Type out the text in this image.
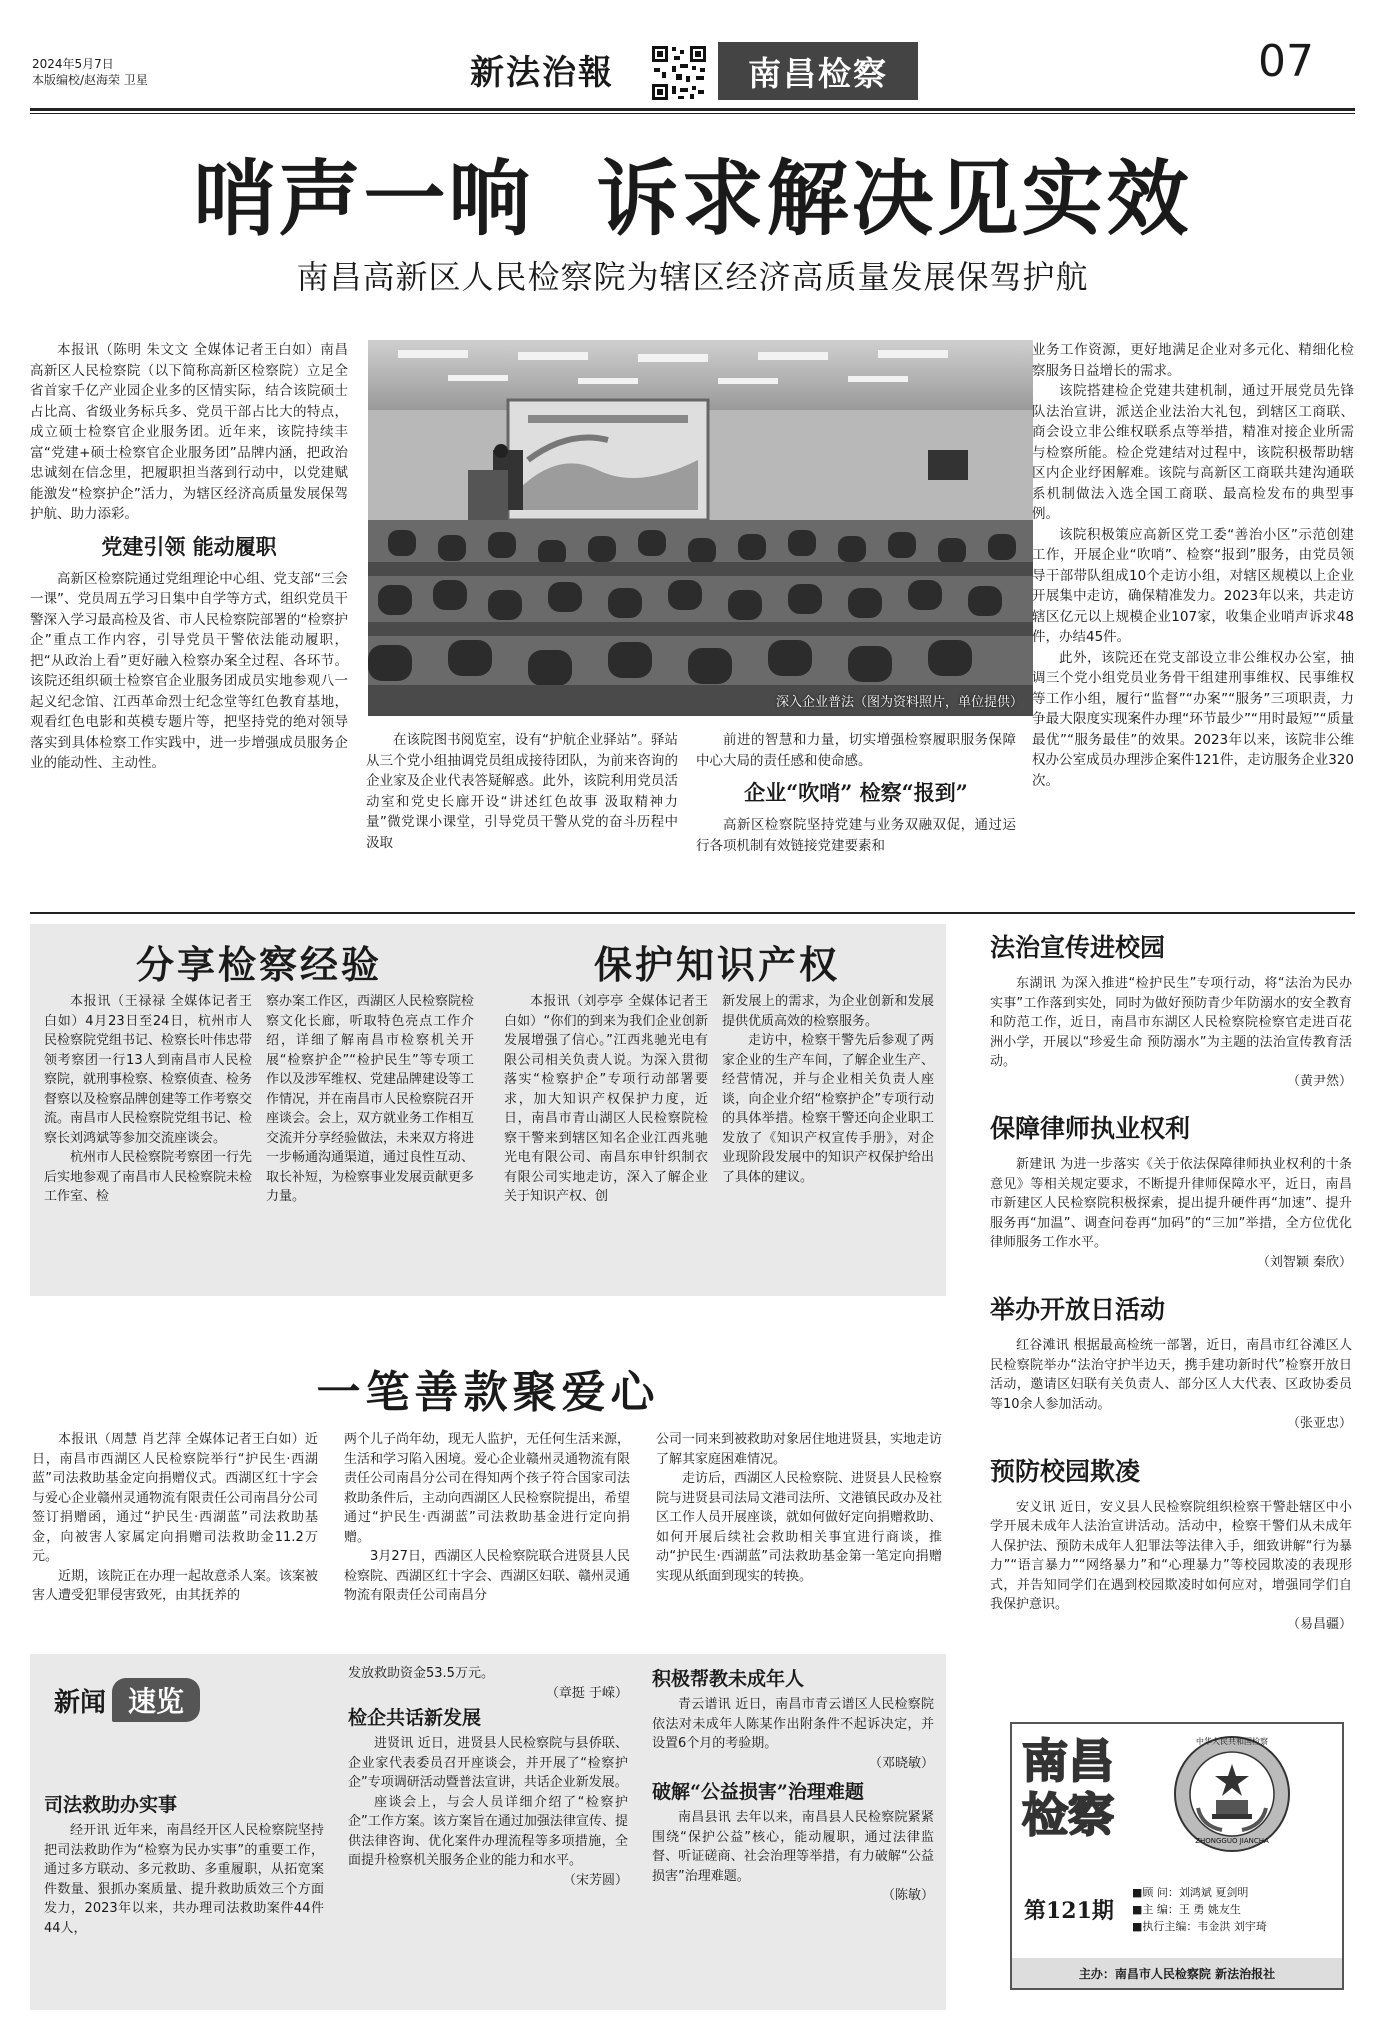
2024年5月7日
本版编校/赵海荣 卫星	新法治報	南昌检察	07
哨声一响  诉求解决见实效
南昌高新区人民检察院为辖区经济高质量发展保驾护航

本报讯（陈明 朱文文 全媒体记者王白如）南昌高新区人民检察院（以下简称高新区检察院）立足全省首家千亿产业园企业多的区情实际，结合该院硕士占比高、省级业务标兵多、党员干部占比大的特点，成立硕士检察官企业服务团。近年来，该院持续丰富“党建+硕士检察官企业服务团”品牌内涵，把政治忠诚刻在信念里，把履职担当落到行动中，以党建赋能激发“检察护企”活力，为辖区经济高质量发展保驾护航、助力添彩。

党建引领 能动履职

高新区检察院通过党组理论中心组、党支部“三会一课”、党员周五学习日集中自学等方式，组织党员干警深入学习最高检及省、市人民检察院部署的“检察护企”重点工作内容，引导党员干警依法能动履职，把“从政治上看”更好融入检察办案全过程、各环节。该院还组织硕士检察官企业服务团成员实地参观八一起义纪念馆、江西革命烈士纪念堂等红色教育基地，观看红色电影和英模专题片等，把坚持党的绝对领导落实到具体检察工作实践中，进一步增强成员服务企业的能动性、主动性。

深入企业普法（图为资料照片，单位提供）

在该院图书阅览室，设有“护航企业驿站”。驿站从三个党小组抽调党员组成接待团队，为前来咨询的企业家及企业代表答疑解惑。此外，该院利用党员活动室和党史长廊开设“讲述红色故事 汲取精神力量”微党课小课堂，引导党员干警从党的奋斗历程中汲取

前进的智慧和力量，切实增强检察履职服务保障中心大局的责任感和使命感。

企业“吹哨” 检察“报到”

高新区检察院坚持党建与业务双融双促，通过运行各项机制有效链接党建要素和

业务工作资源，更好地满足企业对多元化、精细化检察服务日益增长的需求。

该院搭建检企党建共建机制，通过开展党员先锋队法治宣讲，派送企业法治大礼包，到辖区工商联、商会设立非公维权联系点等举措，精准对接企业所需与检察所能。检企党建结对过程中，该院积极帮助辖区内企业纾困解难。该院与高新区工商联共建沟通联系机制做法入选全国工商联、最高检发布的典型事例。

该院积极策应高新区党工委“善治小区”示范创建工作，开展企业“吹哨”、检察“报到”服务，由党员领导干部带队组成10个走访小组，对辖区规模以上企业开展集中走访，确保精准发力。2023年以来，共走访辖区亿元以上规模企业107家，收集企业哨声诉求48件，办结45件。

此外，该院还在党支部设立非公维权办公室，抽调三个党小组党员业务骨干组建刑事维权、民事维权等工作小组，履行“监督”“办案”“服务”三项职责，力争最大限度实现案件办理“环节最少”“用时最短”“质量最优”“服务最佳”的效果。2023年以来，该院非公维权办公室成员办理涉企案件121件，走访服务企业320次。

分享检察经验

本报讯（王禄禄 全媒体记者王白如）4月23日至24日，杭州市人民检察院党组书记、检察长叶伟忠带领考察团一行13人到南昌市人民检察院，就刑事检察、检察侦查、检务督察以及检察品牌创建等工作考察交流。南昌市人民检察院党组书记、检察长刘鸿斌等参加交流座谈会。

杭州市人民检察院考察团一行先后实地参观了南昌市人民检察院未检工作室、检

察办案工作区，西湖区人民检察院检察文化长廊，听取特色亮点工作介绍，详细了解南昌市检察机关开展“检察护企”“检护民生”等专项工作以及涉军维权、党建品牌建设等工作情况，并在南昌市人民检察院召开座谈会。会上，双方就业务工作相互交流并分享经验做法，未来双方将进一步畅通沟通渠道，通过良性互动、取长补短，为检察事业发展贡献更多力量。

保护知识产权

本报讯（刘亭亭 全媒体记者王白如）“你们的到来为我们企业创新发展增强了信心。”江西兆驰光电有限公司相关负责人说。为深入贯彻落实“检察护企”专项行动部署要求，加大知识产权保护力度，近日，南昌市青山湖区人民检察院检察干警来到辖区知名企业江西兆驰光电有限公司、南昌东申针织制衣有限公司实地走访，深入了解企业关于知识产权、创

新发展上的需求，为企业创新和发展提供优质高效的检察服务。

走访中，检察干警先后参观了两家企业的生产车间，了解企业生产、经营情况，并与企业相关负责人座谈，向企业介绍“检察护企”专项行动的具体举措。检察干警还向企业职工发放了《知识产权宣传手册》，对企业现阶段发展中的知识产权保护给出了具体的建议。

一笔善款聚爱心

本报讯（周慧 肖艺萍 全媒体记者王白如）近日，南昌市西湖区人民检察院举行“护民生·西湖蓝”司法救助基金定向捐赠仪式。西湖区红十字会与爱心企业赣州灵通物流有限责任公司南昌分公司签订捐赠函，通过“护民生·西湖蓝”司法救助基金，向被害人家属定向捐赠司法救助金11.2万元。

近期，该院正在办理一起故意杀人案。该案被害人遭受犯罪侵害致死，由其抚养的

两个儿子尚年幼，现无人监护，无任何生活来源，生活和学习陷入困境。爱心企业赣州灵通物流有限责任公司南昌分公司在得知两个孩子符合国家司法救助条件后，主动向西湖区人民检察院提出，希望通过“护民生·西湖蓝”司法救助基金进行定向捐赠。

3月27日，西湖区人民检察院联合进贤县人民检察院、西湖区红十字会、西湖区妇联、赣州灵通物流有限责任公司南昌分

公司一同来到被救助对象居住地进贤县，实地走访了解其家庭困难情况。

走访后，西湖区人民检察院、进贤县人民检察院与进贤县司法局文港司法所、文港镇民政办及社区工作人员开展座谈，就如何做好定向捐赠救助、如何开展后续社会救助相关事宜进行商谈，推动“护民生·西湖蓝”司法救助基金第一笔定向捐赠实现从纸面到现实的转换。

新闻 速览
司法救助办实事

经开讯 近年来，南昌经开区人民检察院坚持把司法救助作为“检察为民办实事”的重要工作，通过多方联动、多元救助、多重履职，从拓宽案件数量、狠抓办案质量、提升救助质效三个方面发力，2023年以来，共办理司法救助案件44件44人，

发放救助资金53.5万元。

（章挺 于嵘）
检企共话新发展

进贤讯 近日，进贤县人民检察院与县侨联、企业家代表委员召开座谈会，并开展了“检察护企”专项调研活动暨普法宣讲，共话企业新发展。

座谈会上，与会人员详细介绍了“检察护企”工作方案。该方案旨在通过加强法律宣传、提供法律咨询、优化案件办理流程等多项措施，全面提升检察机关服务企业的能力和水平。

（宋芳圆）
积极帮教未成年人

青云谱讯 近日，南昌市青云谱区人民检察院依法对未成年人陈某作出附条件不起诉决定，并设置6个月的考验期。

（邓晓敏）
破解“公益损害”治理难题

南昌县讯 去年以来，南昌县人民检察院紧紧围绕“保护公益”核心，能动履职，通过法律监督、听证磋商、社会治理等举措，有力破解“公益损害”治理难题。

（陈敏）
法治宣传进校园

东湖讯 为深入推进“检护民生”专项行动，将“法治为民办实事”工作落到实处，同时为做好预防青少年防溺水的安全教育和防范工作，近日，南昌市东湖区人民检察院检察官走进百花洲小学，开展以“珍爱生命 预防溺水”为主题的法治宣传教育活动。

（黄尹然）
保障律师执业权利

新建讯 为进一步落实《关于依法保障律师执业权利的十条意见》等相关规定要求，不断提升律师保障水平，近日，南昌市新建区人民检察院积极探索，提出提升硬件再“加速”、提升服务再“加温”、调查问卷再“加码”的“三加”举措，全方位优化律师服务工作水平。

（刘智颖 秦欣）
举办开放日活动

红谷滩讯 根据最高检统一部署，近日，南昌市红谷滩区人民检察院举办“法治守护半边天，携手建功新时代”检察开放日活动，邀请区妇联有关负责人、部分区人大代表、区政协委员等10余人参加活动。

（张亚忠）
预防校园欺凌

安义讯 近日，安义县人民检察院组织检察干警赴辖区中小学开展未成年人法治宣讲活动。活动中，检察干警们从未成年人保护法、预防未成年人犯罪法等法律入手，细致讲解“行为暴力”“语言暴力”“网络暴力”和“心理暴力”等校园欺凌的表现形式，并告知同学们在遇到校园欺凌时如何应对，增强同学们自我保护意识。

（易昌疆）
南昌
检察
中华人民共和国检察
ZHONGGUO JIANCHA
第121期
■顾 问：刘鸿斌 夏剑明
■主 编：王 勇 姚友生
■执行主编：韦金洪 刘宇琦
主办：南昌市人民检察院 新法治报社
